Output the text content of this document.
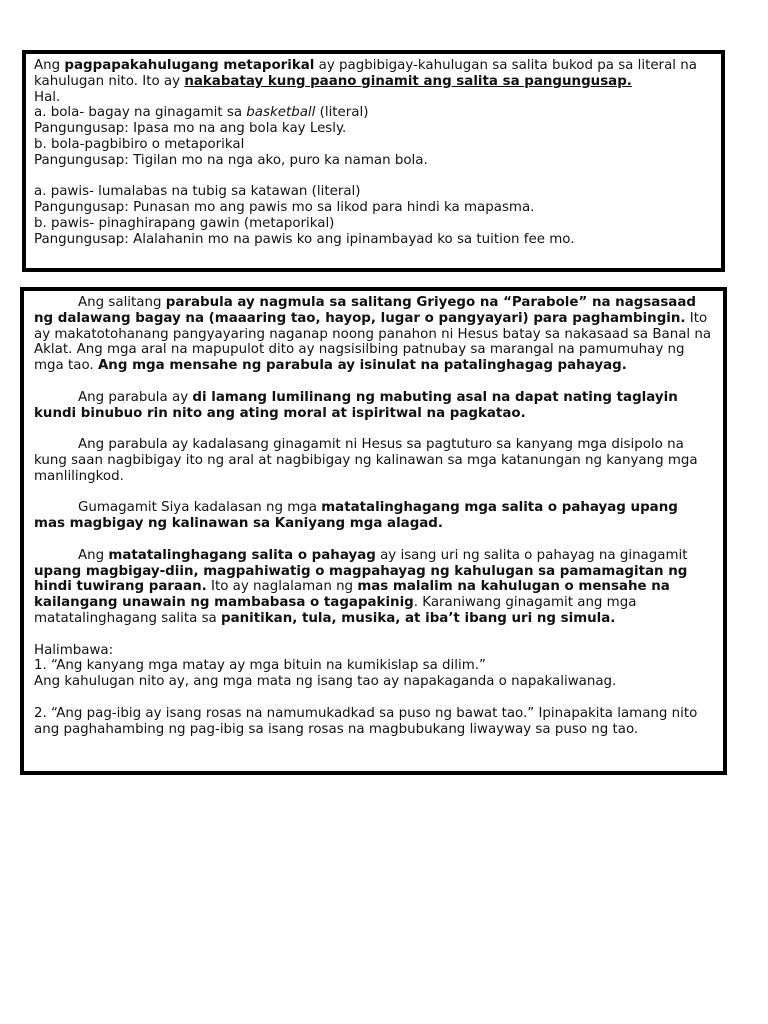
Ang pagpapakahulugang metaporikal ay pagbibigay-kahulugan sa salita bukod pa sa literal na
kahulugan nito. Ito ay nakabatay kung paano ginamit ang salita sa pangungusap.
Hal.
a. bola- bagay na ginagamit sa basketball (literal)
Pangungusap: Ipasa mo na ang bola kay Lesly.
b. bola-pagbibiro o metaporikal
Pangungusap: Tigilan mo na nga ako, puro ka naman bola.
a. pawis- lumalabas na tubig sa katawan (literal)
Pangungusap: Punasan mo ang pawis mo sa likod para hindi ka mapasma.
b. pawis- pinaghirapang gawin (metaporikal)
Pangungusap: Alalahanin mo na pawis ko ang ipinambayad ko sa tuition fee mo.

Ang salitang parabula ay nagmula sa salitang Griyego na “Parabole” na nagsasaad ng dalawang bagay na (maaaring tao, hayop, lugar o pangyayari) para paghambingin. Ito ay makatotohanang pangyayaring naganap noong panahon ni Hesus batay sa nakasaad sa Banal na Aklat. Ang mga aral na mapupulot dito ay nagsisilbing patnubay sa marangal na pamumuhay ng mga tao. Ang mga mensahe ng parabula ay isinulat na patalinghagag pahayag.

Ang parabula ay di lamang lumilinang ng mabuting asal na dapat nating taglayin kundi binubuo rin nito ang ating moral at ispiritwal na pagkatao.

Ang parabula ay kadalasang ginagamit ni Hesus sa pagtuturo sa kanyang mga disipolo na kung saan nagbibigay ito ng aral at nagbibigay ng kalinawan sa mga katanungan ng kanyang mga manlilingkod.

Gumagamit Siya kadalasan ng mga matatalinghagang mga salita o pahayag upang mas magbigay ng kalinawan sa Kaniyang mga alagad.

Ang matatalinghagang salita o pahayag ay isang uri ng salita o pahayag na ginagamit upang magbigay-diin, magpahiwatig o magpahayag ng kahulugan sa pamamagitan ng hindi tuwirang paraan. Ito ay naglalaman ng mas malalim na kahulugan o mensahe na kailangang unawain ng mambabasa o tagapakinig. Karaniwang ginagamit ang mga matatalinghagang salita sa panitikan, tula, musika, at iba’t ibang uri ng simula.

Halimbawa:
1. “Ang kanyang mga matay ay mga bituin na kumikislap sa dilim.”
Ang kahulugan nito ay, ang mga mata ng isang tao ay napakaganda o napakaliwanag.
2. “Ang pag-ibig ay isang rosas na namumukadkad sa puso ng bawat tao.” Ipinapakita lamang nito ang paghahambing ng pag-ibig sa isang rosas na magbubukang liwayway sa puso ng tao.
